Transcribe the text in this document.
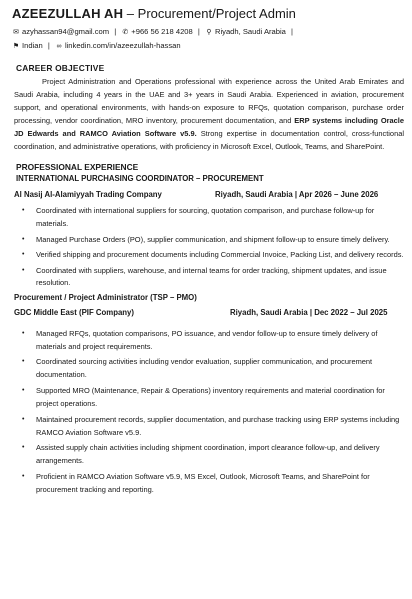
AZEEZULLAH AH – Procurement/Project Admin
✉ azyhassan94@gmail.com | ✆ +966 56 218 4208 | ⚲ Riyadh, Saudi Arabia |
⚑ Indian | ∞ linkedin.com/in/azeezullah-hassan
CAREER OBJECTIVE
Project Administration and Operations professional with experience across the United Arab Emirates and Saudi Arabia, including 4 years in the UAE and 3+ years in Saudi Arabia. Experienced in aviation, procurement support, and operational environments, with hands-on exposure to RFQs, quotation comparison, purchase order processing, vendor coordination, MRO inventory, procurement documentation, and ERP systems including Oracle JD Edwards and RAMCO Aviation Software v5.9. Strong expertise in documentation control, cross-functional coordination, and administrative operations, with proficiency in Microsoft Excel, Outlook, Teams, and SharePoint.
PROFESSIONAL EXPERIENCE
INTERNATIONAL PURCHASING COORDINATOR – PROCUREMENT
Al Nasij Al-Alamiyyah Trading Company	Riyadh, Saudi Arabia | Apr 2026 – June 2026
• Coordinated with international suppliers for sourcing, quotation comparison, and purchase follow-up for materials.
• Managed Purchase Orders (PO), supplier communication, and shipment follow-up to ensure timely delivery.
• Verified shipping and procurement documents including Commercial Invoice, Packing List, and delivery records.
• Coordinated with suppliers, warehouse, and internal teams for order tracking, shipment updates, and issue resolution.
Procurement / Project Administrator (TSP – PMO)
GDC Middle East (PIF Company)	Riyadh, Saudi Arabia | Dec 2022 – Jul 2025
• Managed RFQs, quotation comparisons, PO issuance, and vendor follow-up to ensure timely delivery of materials and project requirements.
• Coordinated sourcing activities including vendor evaluation, supplier communication, and procurement documentation.
• Supported MRO (Maintenance, Repair & Operations) inventory requirements and material coordination for project operations.
• Maintained procurement records, supplier documentation, and purchase tracking using ERP systems including RAMCO Aviation Software v5.9.
• Assisted supply chain activities including shipment coordination, import clearance follow-up, and delivery arrangements.
• Proficient in RAMCO Aviation Software v5.9, MS Excel, Outlook, Microsoft Teams, and SharePoint for procurement tracking and reporting.
